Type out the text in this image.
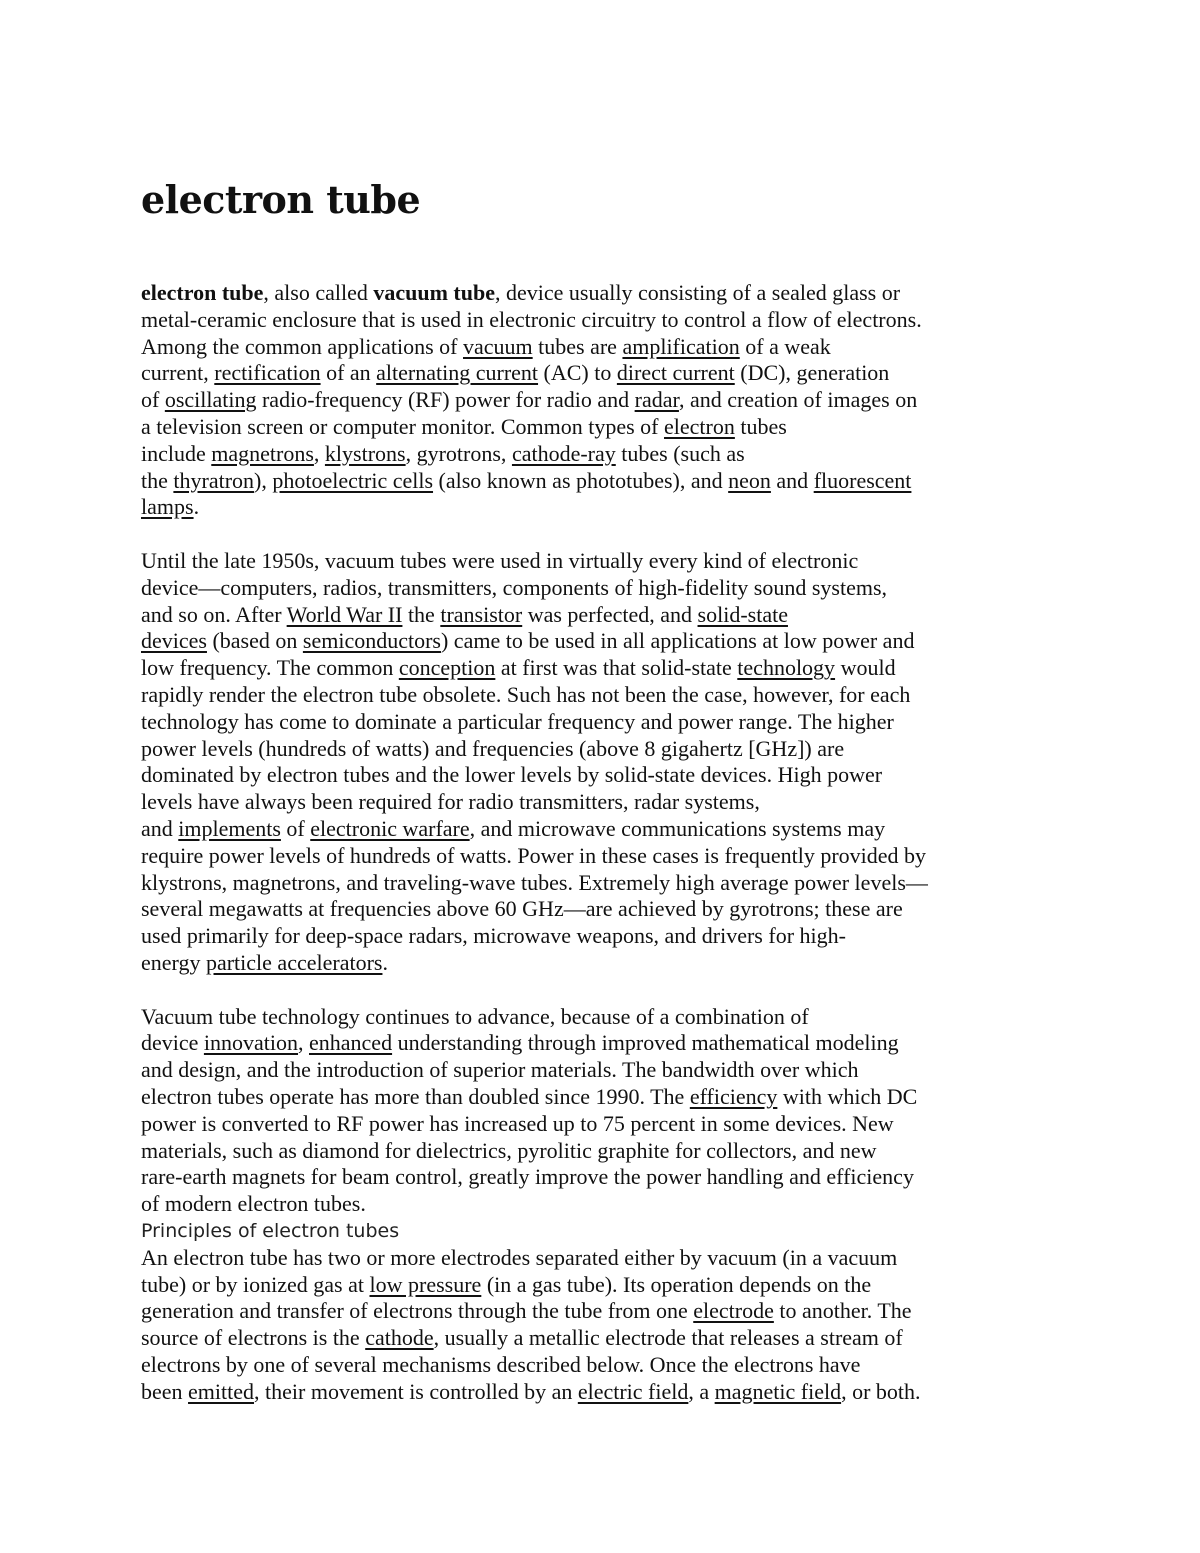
electron tube

electron tube, also called vacuum tube, device usually consisting of a sealed glass or
metal-ceramic enclosure that is used in electronic circuitry to control a flow of electrons.
Among the common applications of vacuum tubes are amplification of a weak
current, rectification of an alternating current (AC) to direct current (DC), generation
of oscillating radio-frequency (RF) power for radio and radar, and creation of images on
a television screen or computer monitor. Common types of electron tubes
include magnetrons, klystrons, gyrotrons, cathode-ray tubes (such as
the thyratron), photoelectric cells (also known as phototubes), and neon and fluorescent
lamps.

Until the late 1950s, vacuum tubes were used in virtually every kind of electronic
device—computers, radios, transmitters, components of high-fidelity sound systems,
and so on. After World War II the transistor was perfected, and solid-state
devices (based on semiconductors) came to be used in all applications at low power and
low frequency. The common conception at first was that solid-state technology would
rapidly render the electron tube obsolete. Such has not been the case, however, for each
technology has come to dominate a particular frequency and power range. The higher
power levels (hundreds of watts) and frequencies (above 8 gigahertz [GHz]) are
dominated by electron tubes and the lower levels by solid-state devices. High power
levels have always been required for radio transmitters, radar systems,
and implements of electronic warfare, and microwave communications systems may
require power levels of hundreds of watts. Power in these cases is frequently provided by
klystrons, magnetrons, and traveling-wave tubes. Extremely high average power levels—
several megawatts at frequencies above 60 GHz—are achieved by gyrotrons; these are
used primarily for deep-space radars, microwave weapons, and drivers for high-
energy particle accelerators.

Vacuum tube technology continues to advance, because of a combination of
device innovation, enhanced understanding through improved mathematical modeling
and design, and the introduction of superior materials. The bandwidth over which
electron tubes operate has more than doubled since 1990. The efficiency with which DC
power is converted to RF power has increased up to 75 percent in some devices. New
materials, such as diamond for dielectrics, pyrolitic graphite for collectors, and new
rare-earth magnets for beam control, greatly improve the power handling and efficiency
of modern electron tubes.

Principles of electron tubes

An electron tube has two or more electrodes separated either by vacuum (in a vacuum
tube) or by ionized gas at low pressure (in a gas tube). Its operation depends on the
generation and transfer of electrons through the tube from one electrode to another. The
source of electrons is the cathode, usually a metallic electrode that releases a stream of
electrons by one of several mechanisms described below. Once the electrons have
been emitted, their movement is controlled by an electric field, a magnetic field, or both.
